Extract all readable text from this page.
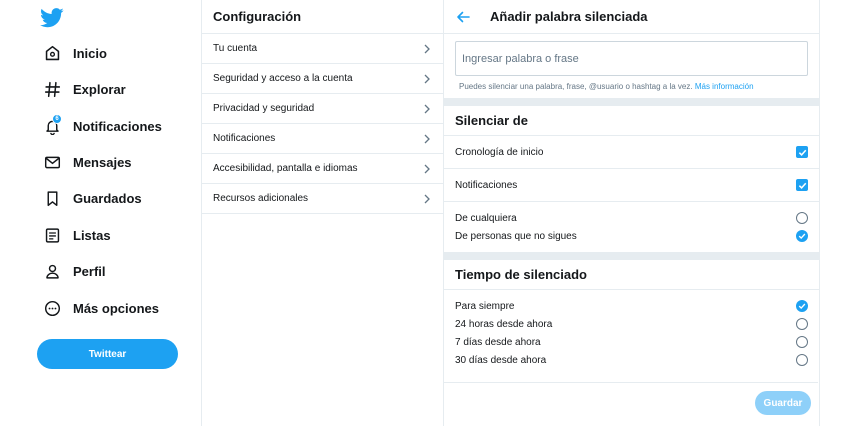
Inicio
Explorar
6 Notificaciones
Mensajes
Guardados
Listas
Perfil
Más opciones
Twittear
Configuración
Tu cuenta
Seguridad y acceso a la cuenta
Privacidad y seguridad
Notificaciones
Accesibilidad, pantalla e idiomas
Recursos adicionales
Añadir palabra silenciada
Ingresar palabra o frase
Puedes silenciar una palabra, frase, @usuario o hashtag a la vez. Más información
Silenciar de
Cronología de inicio
Notificaciones
De cualquiera
De personas que no sigues
Tiempo de silenciado
Para siempre
24 horas desde ahora
7 días desde ahora
30 días desde ahora
Guardar
